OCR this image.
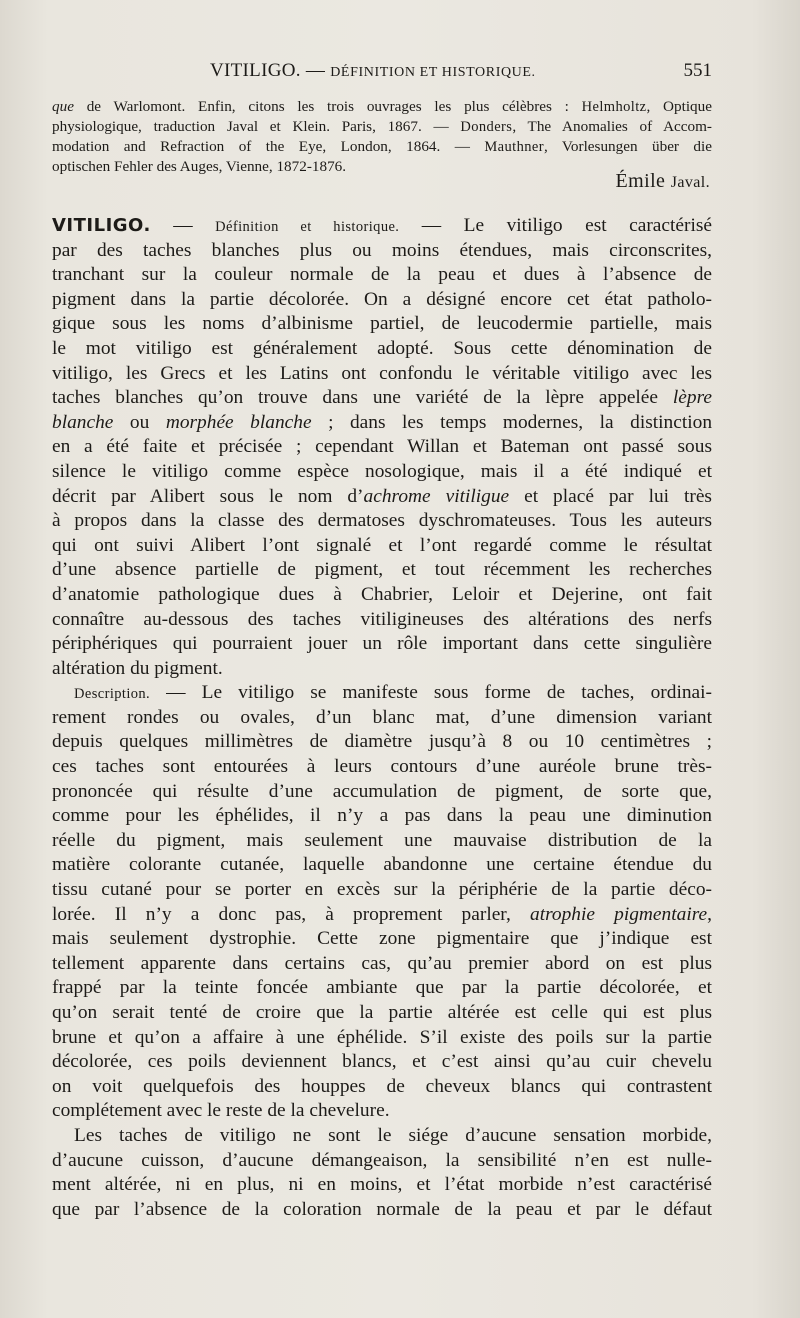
VITILIGO. — DÉFINITION ET HISTORIQUE.	551
que de Warlomont. Enfin, citons les trois ouvrages les plus célèbres : Helmholtz, Optique
physiologique, traduction Javal et Klein. Paris, 1867. — Donders, The Anomalies of Accom-
modation and Refraction of the Eye, London, 1864. — Mauthner, Vorlesungen über die
optischen Fehler des Auges, Vienne, 1872-1876.
Émile Javal.
VITILIGO. — Définition et historique. — Le vitiligo est caractérisé
par des taches blanches plus ou moins étendues, mais circonscrites,
tranchant sur la couleur normale de la peau et dues à l’absence de
pigment dans la partie décolorée. On a désigné encore cet état patholo-
gique sous les noms d’albinisme partiel, de leucodermie partielle, mais
le mot vitiligo est généralement adopté. Sous cette dénomination de
vitiligo, les Grecs et les Latins ont confondu le véritable vitiligo avec les
taches blanches qu’on trouve dans une variété de la lèpre appelée lèpre
blanche ou morphée blanche ; dans les temps modernes, la distinction
en a été faite et précisée ; cependant Willan et Bateman ont passé sous
silence le vitiligo comme espèce nosologique, mais il a été indiqué et
décrit par Alibert sous le nom d’achrome vitiligue et placé par lui très
à propos dans la classe des dermatoses dyschromateuses. Tous les auteurs
qui ont suivi Alibert l’ont signalé et l’ont regardé comme le résultat
d’une absence partielle de pigment, et tout récemment les recherches
d’anatomie pathologique dues à Chabrier, Leloir et Dejerine, ont fait
connaître au-dessous des taches vitiligineuses des altérations des nerfs
périphériques qui pourraient jouer un rôle important dans cette singulière
altération du pigment.
Description. — Le vitiligo se manifeste sous forme de taches, ordinai-
rement rondes ou ovales, d’un blanc mat, d’une dimension variant
depuis quelques millimètres de diamètre jusqu’à 8 ou 10 centimètres ;
ces taches sont entourées à leurs contours d’une auréole brune très-
prononcée qui résulte d’une accumulation de pigment, de sorte que,
comme pour les éphélides, il n’y a pas dans la peau une diminution
réelle du pigment, mais seulement une mauvaise distribution de la
matière colorante cutanée, laquelle abandonne une certaine étendue du
tissu cutané pour se porter en excès sur la périphérie de la partie déco-
lorée. Il n’y a donc pas, à proprement parler, atrophie pigmentaire,
mais seulement dystrophie. Cette zone pigmentaire que j’indique est
tellement apparente dans certains cas, qu’au premier abord on est plus
frappé par la teinte foncée ambiante que par la partie décolorée, et
qu’on serait tenté de croire que la partie altérée est celle qui est plus
brune et qu’on a affaire à une éphélide. S’il existe des poils sur la partie
décolorée, ces poils deviennent blancs, et c’est ainsi qu’au cuir chevelu
on voit quelquefois des houppes de cheveux blancs qui contrastent
complétement avec le reste de la chevelure.
Les taches de vitiligo ne sont le siége d’aucune sensation morbide,
d’aucune cuisson, d’aucune démangeaison, la sensibilité n’en est nulle-
ment altérée, ni en plus, ni en moins, et l’état morbide n’est caractérisé
que par l’absence de la coloration normale de la peau et par le défaut
